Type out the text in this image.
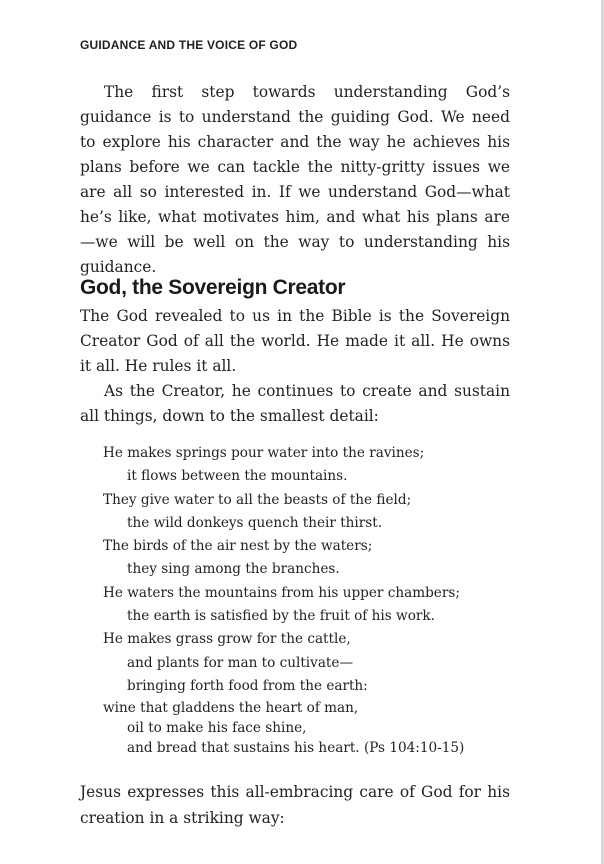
GUIDANCE AND THE VOICE OF GOD

The first step towards understanding God’s guidance is to understand the guiding God. We need to explore his character and the way he achieves his plans before we can tackle the nitty-gritty issues we are all so interested in. If we understand God—what he’s like, what motivates him, and what his plans are—we will be well on the way to understanding his guidance.

God, the Sovereign Creator

The God revealed to us in the Bible is the Sovereign Creator God of all the world. He made it all. He owns it all. He rules it all.

As the Creator, he continues to create and sustain all things, down to the smallest detail:

He makes springs pour water into the ravines;
it flows between the mountains.
They give water to all the beasts of the field;
the wild donkeys quench their thirst.
The birds of the air nest by the waters;
they sing among the branches.
He waters the mountains from his upper chambers;
the earth is satisfied by the fruit of his work.
He makes grass grow for the cattle,
and plants for man to cultivate—
bringing forth food from the earth:
wine that gladdens the heart of man,
oil to make his face shine,
and bread that sustains his heart. (Ps 104:10-15)

Jesus expresses this all-embracing care of God for his creation in a striking way:
